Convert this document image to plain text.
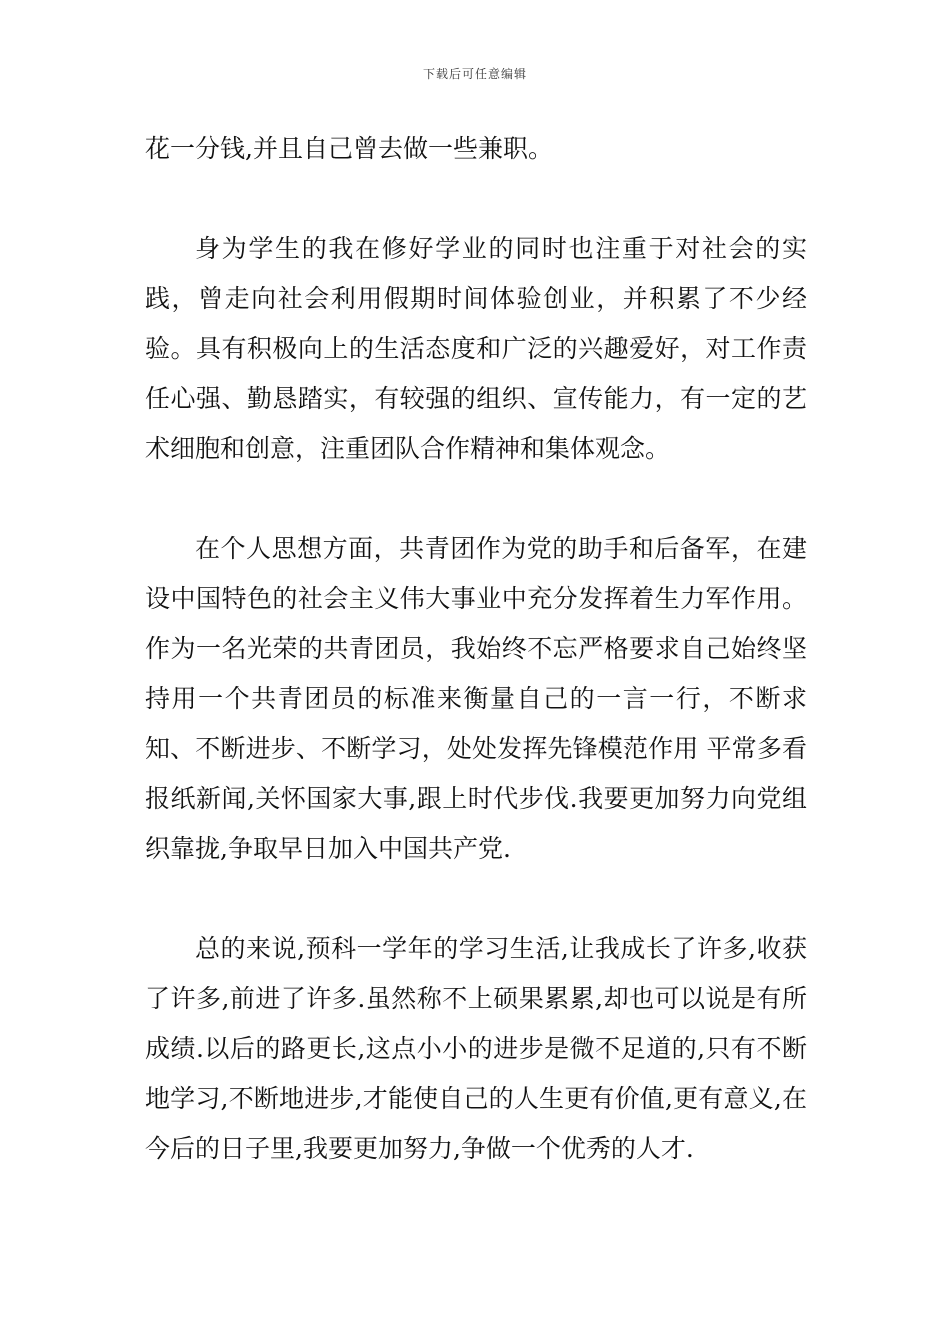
下载后可任意编辑

花一分钱,并且自己曾去做一些兼职。

身为学生的我在修好学业的同时也注重于对社会的实践，曾走向社会利用假期时间体验创业，并积累了不少经验。具有积极向上的生活态度和广泛的兴趣爱好，对工作责任心强、勤恳踏实，有较强的组织、宣传能力，有一定的艺术细胞和创意，注重团队合作精神和集体观念。

在个人思想方面，共青团作为党的助手和后备军，在建设中国特色的社会主义伟大事业中充分发挥着生力军作用。作为一名光荣的共青团员，我始终不忘严格要求自己始终坚持用一个共青团员的标准来衡量自己的一言一行，不断求知、不断进步、不断学习，处处发挥先锋模范作用 平常多看报纸新闻,关怀国家大事,跟上时代步伐.我要更加努力向党组织靠拢,争取早日加入中国共产党.

总的来说,预科一学年的学习生活,让我成长了许多,收获了许多,前进了许多.虽然称不上硕果累累,却也可以说是有所成绩.以后的路更长,这点小小的进步是微不足道的,只有不断地学习,不断地进步,才能使自己的人生更有价值,更有意义,在今后的日子里,我要更加努力,争做一个优秀的人才.
